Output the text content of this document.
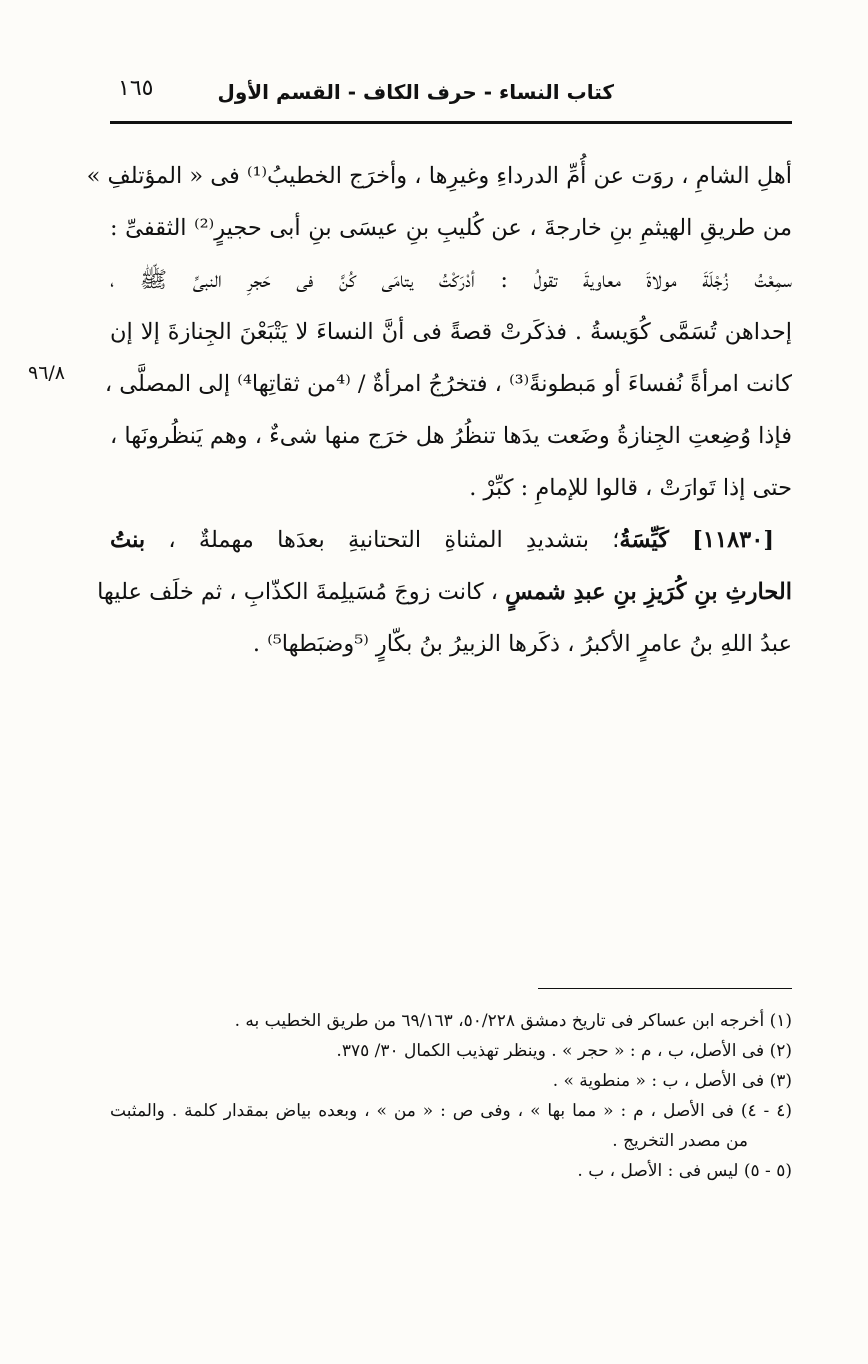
كتاب النساء - حرف الكاف - القسم الأول
١٦٥
٩٦/٨
أهلِ الشامِ ، روَت عن أُمِّ الدرداءِ وغيرِها ، وأخرَج الخطيبُ⁽¹⁾ فى « المؤتلفِ »
من طريقِ الهيثمِ بنِ خارجةَ ، عن كُليبِ بنِ عيسَى بنِ أبى حجيرٍ⁽²⁾ الثقفىِّ :
سمِعْتُ زُجْلَةَ مولاةَ معاويةَ تقولُ : أدْرَكْتُ يتامَى كُنَّ فى حَجرِ النبىِّ ﷺ ،
إحداهن تُسَمَّى كُوَيسةُ . فذكَرتْ قصةً فى أنَّ النساءَ لا يَتْبَعْنَ الجِنازةَ إلا إن
كانت امرأةً نُفساءَ أو مَبطونةً⁽³⁾ ، فتخرُجُ امرأةٌ / ⁽⁴من ثقاتِها⁴⁾ إلى المصلَّى ،
فإذا وُضِعتِ الجِنازةُ وضَعت يدَها تنظُرُ هل خرَج منها شىءٌ ، وهم يَنظُرونَها ،
حتى إذا تَوارَتْ ، قالوا للإمامِ : كبِّرْ .
[١١٨٣٠] كَيِّسَةُ؛ بتشديدِ المثناةِ التحتانيةِ بعدَها مهملةٌ ، بنتُ
الحارثِ بنِ كُرَيزِ بنِ عبدِ شمسٍ ، كانت زوجَ مُسَيلِمةَ الكذّابِ ، ثم خلَف عليها
عبدُ اللهِ بنُ عامرٍ الأكبرُ ، ذكَرها الزبيرُ بنُ بكّارٍ ⁽⁵وضبَطها⁵⁾ .
(١) أخرجه ابن عساكر فى تاريخ دمشق ٥٠/٢٢٨، ٦٩/١٦٣ من طريق الخطيب به .
(٢) فى الأصل، ب ، م : « حجر » . وينظر تهذيب الكمال ٣٠/ ٣٧٥.
(٣) فى الأصل ، ب : « منطوية » .
(٤ - ٤) فى الأصل ، م : « مما بها » ، وفى ص : « من » ، وبعده بياض بمقدار كلمة . والمثبت
من مصدر التخريج .
(٥ - ٥) ليس فى : الأصل ، ب .
